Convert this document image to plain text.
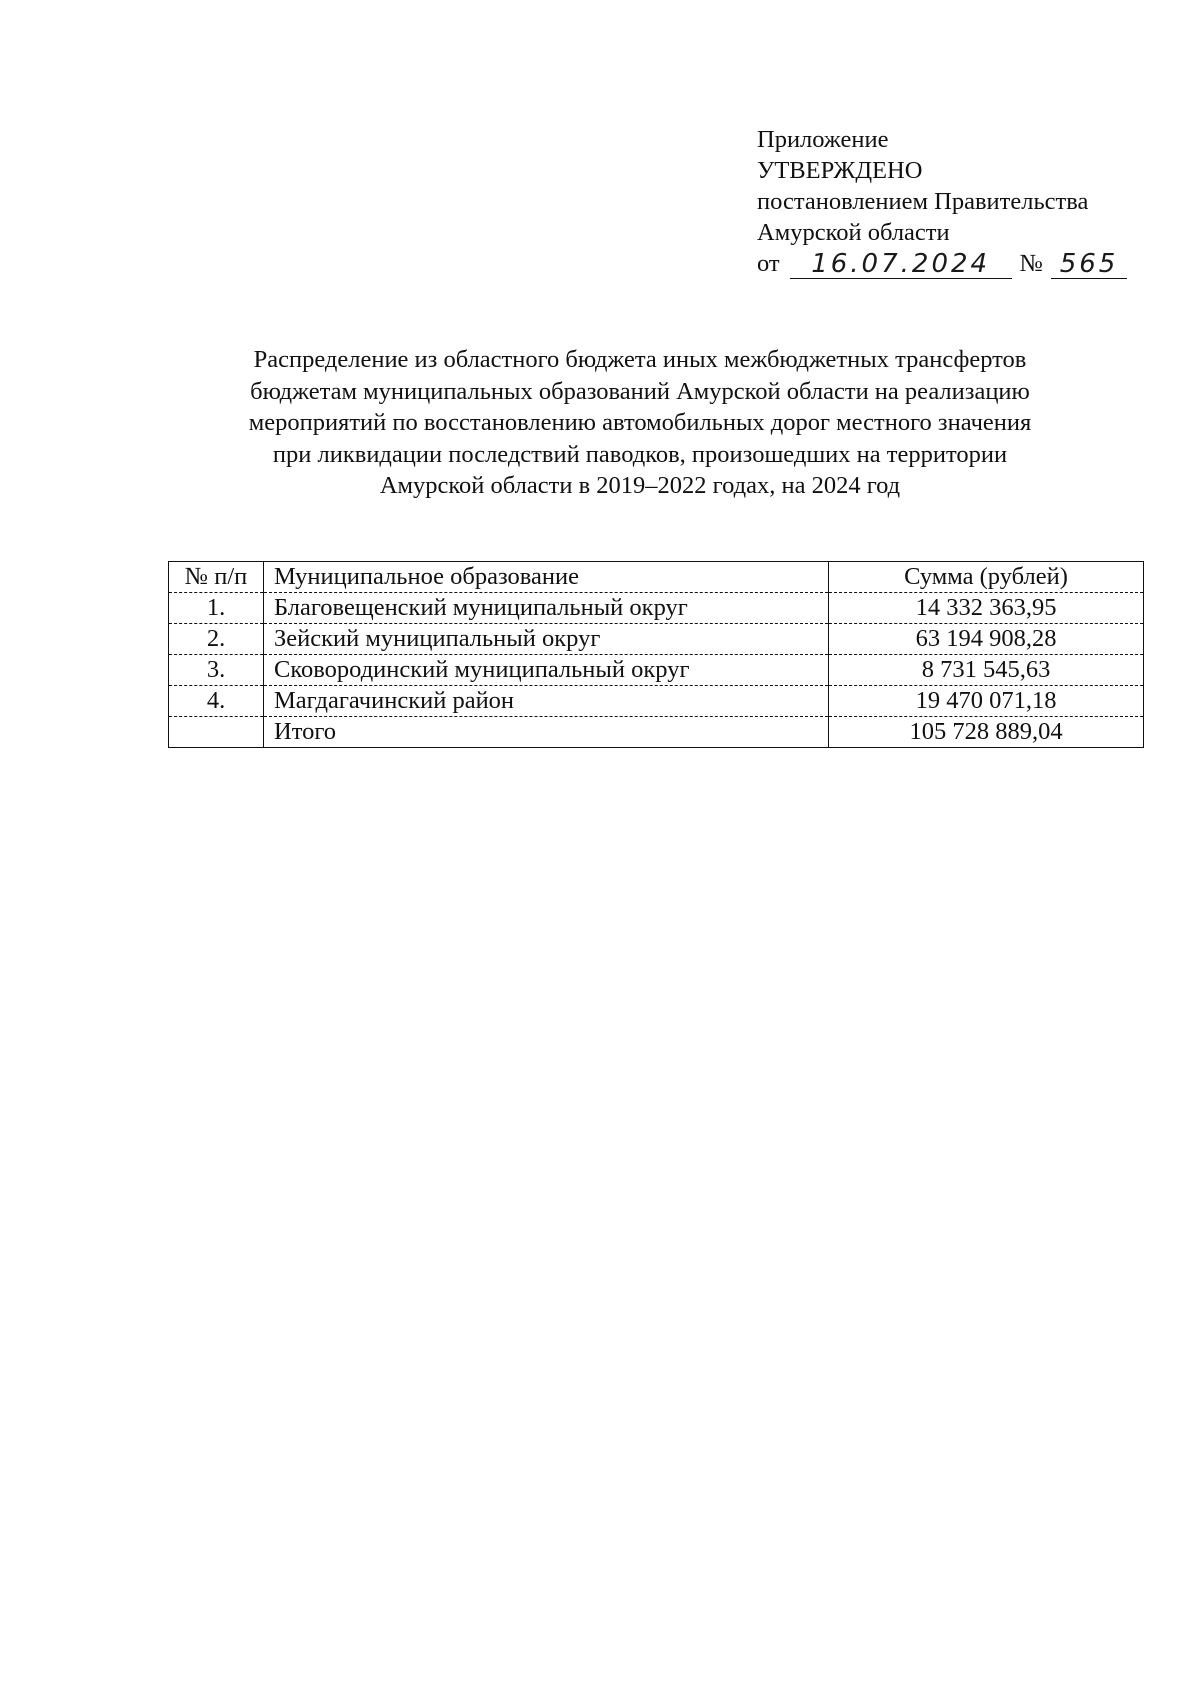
Приложение
УТВЕРЖДЕНО
постановлением Правительства
Амурской области
от	16.07.2024	№ 565
Распределение из областного бюджета иных межбюджетных трансфертов
бюджетам муниципальных образований Амурской области на реализацию
мероприятий по восстановлению автомобильных дорог местного значения
при ликвидации последствий паводков, произошедших на территории
Амурской области в 2019–2022 годах, на 2024 год
№ п/п	Муниципальное образование	Сумма (рублей)
1.	Благовещенский муниципальный округ	14 332 363,95
2.	Зейский муниципальный округ	63 194 908,28
3.	Сковородинский муниципальный округ	8 731 545,63
4.	Магдагачинский район	19 470 071,18
	Итого	105 728 889,04
